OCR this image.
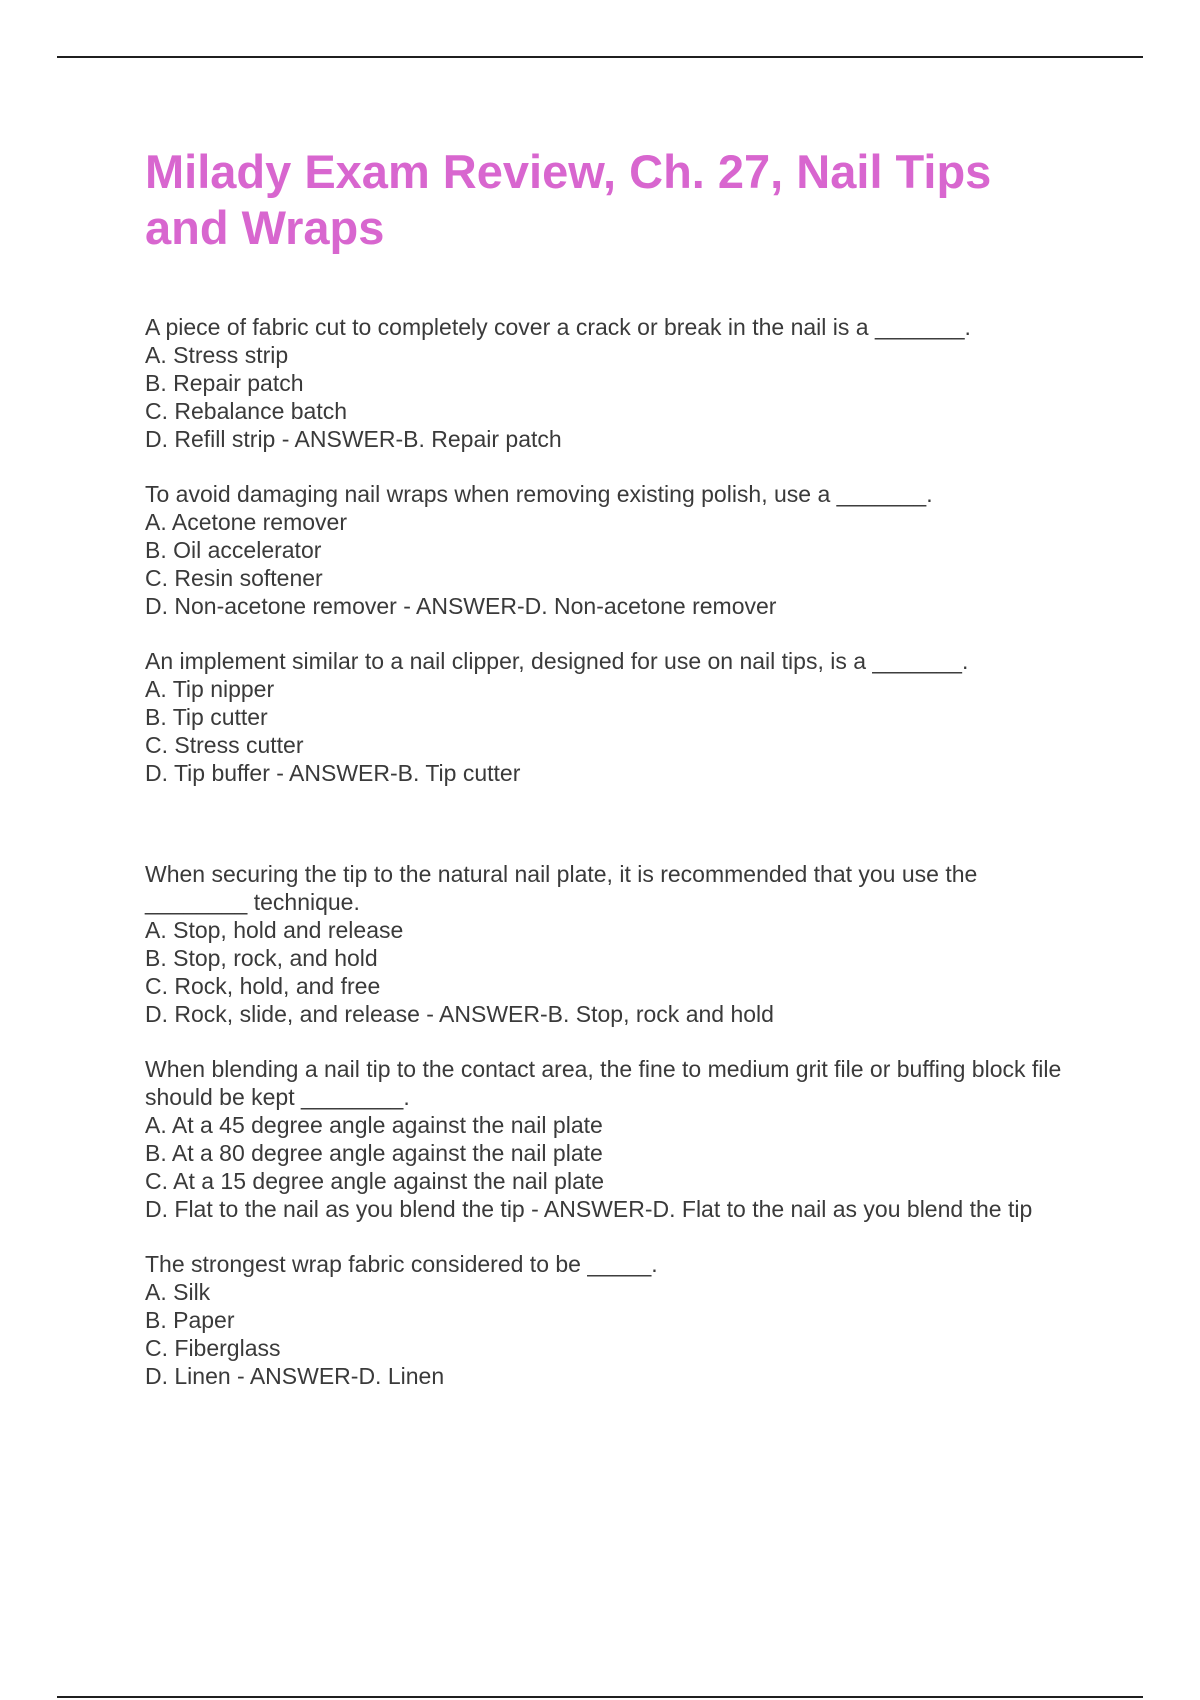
Milady Exam Review, Ch. 27, Nail Tips and Wraps
A piece of fabric cut to completely cover a crack or break in the nail is a _______.
A. Stress strip
B. Repair patch
C. Rebalance batch
D. Refill strip - ANSWER-B. Repair patch
To avoid damaging nail wraps when removing existing polish, use a _______.
A. Acetone remover
B. Oil accelerator
C. Resin softener
D. Non-acetone remover - ANSWER-D. Non-acetone remover
An implement similar to a nail clipper, designed for use on nail tips, is a _______.
A. Tip nipper
B. Tip cutter
C. Stress cutter
D. Tip buffer - ANSWER-B. Tip cutter
When securing the tip to the natural nail plate, it is recommended that you use the ________ technique.
A. Stop, hold and release
B. Stop, rock, and hold
C. Rock, hold, and free
D. Rock, slide, and release - ANSWER-B. Stop, rock and hold
When blending a nail tip to the contact area, the fine to medium grit file or buffing block file should be kept ________.
A. At a 45 degree angle against the nail plate
B. At a 80 degree angle against the nail plate
C. At a 15 degree angle against the nail plate
D. Flat to the nail as you blend the tip - ANSWER-D. Flat to the nail as you blend the tip
The strongest wrap fabric considered to be _____.
A. Silk
B. Paper
C. Fiberglass
D. Linen - ANSWER-D. Linen
